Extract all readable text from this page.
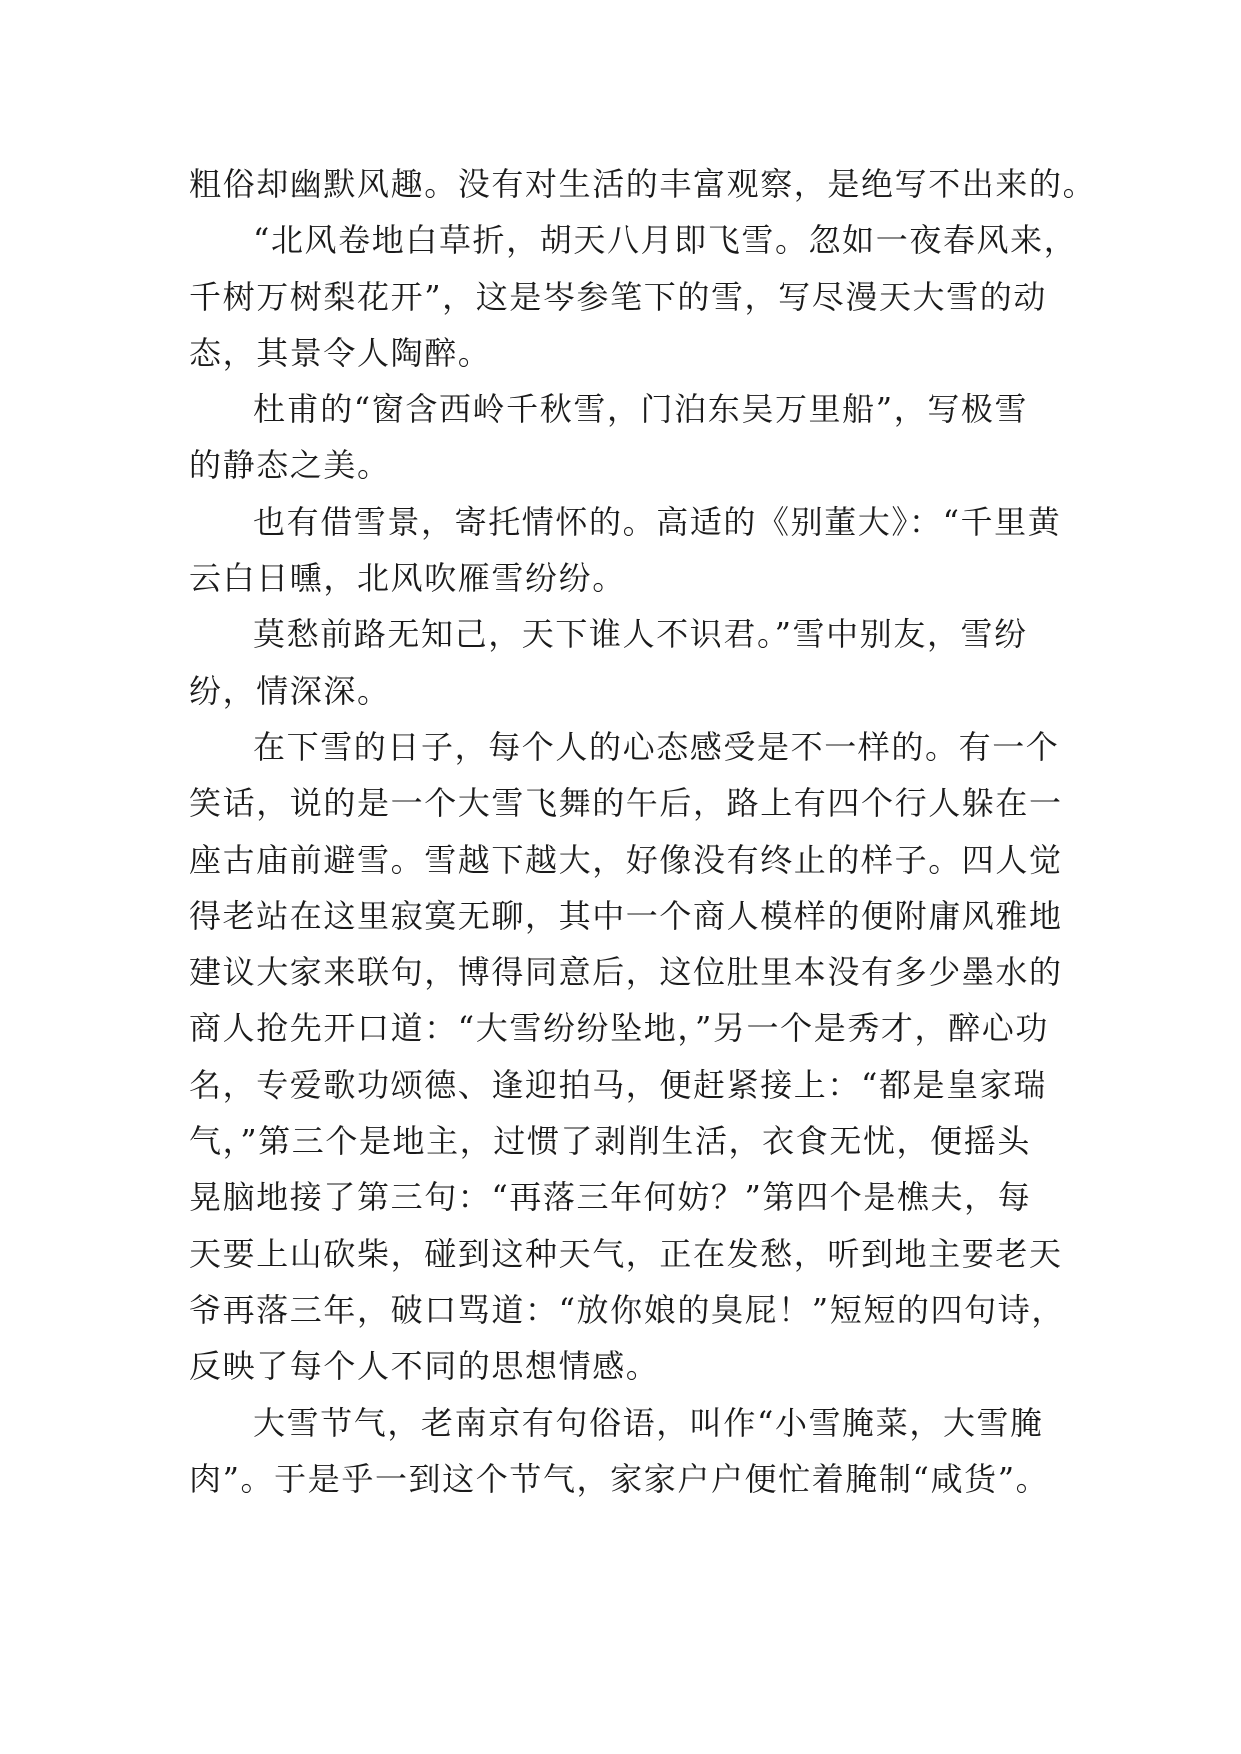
粗俗却幽默风趣。没有对生活的丰富观察，是绝写不出来的。
“北风卷地白草折，胡天八月即飞雪。忽如一夜春风来，
千树万树梨花开”，这是岑参笔下的雪，写尽漫天大雪的动
态，其景令人陶醉。
杜甫的“窗含西岭千秋雪，门泊东吴万里船”，写极雪
的静态之美。
也有借雪景，寄托情怀的。高适的《别董大》：“千里黄
云白日曛，北风吹雁雪纷纷。
莫愁前路无知己，天下谁人不识君。”雪中别友，雪纷
纷，情深深。
在下雪的日子，每个人的心态感受是不一样的。有一个
笑话，说的是一个大雪飞舞的午后，路上有四个行人躲在一
座古庙前避雪。雪越下越大，好像没有终止的样子。四人觉
得老站在这里寂寞无聊，其中一个商人模样的便附庸风雅地
建议大家来联句，博得同意后，这位肚里本没有多少墨水的
商人抢先开口道：“大雪纷纷坠地，”另一个是秀才，醉心功
名，专爱歌功颂德、逢迎拍马，便赶紧接上：“都是皇家瑞
气，”第三个是地主，过惯了剥削生活，衣食无忧，便摇头
晃脑地接了第三句：“再落三年何妨？”第四个是樵夫，每
天要上山砍柴，碰到这种天气，正在发愁，听到地主要老天
爷再落三年，破口骂道：“放你娘的臭屁！”短短的四句诗，
反映了每个人不同的思想情感。
大雪节气，老南京有句俗语，叫作“小雪腌菜，大雪腌
肉”。于是乎一到这个节气，家家户户便忙着腌制“咸货”。
